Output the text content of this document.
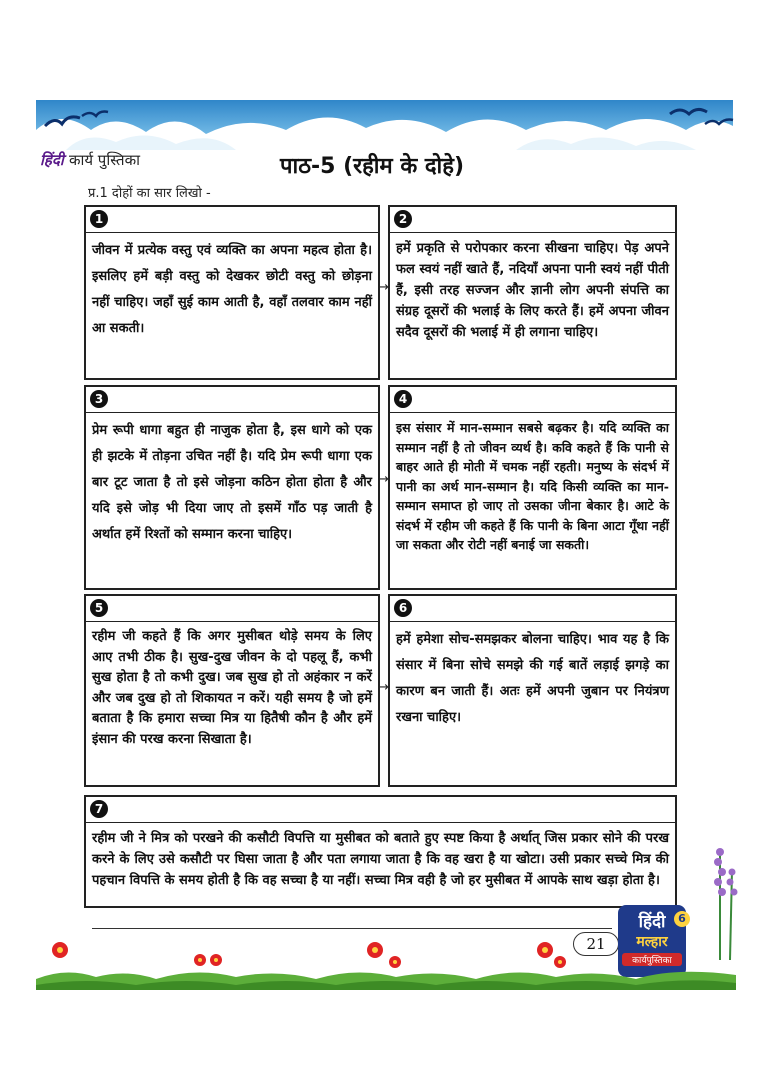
हिंदी कार्य पुस्तिका	पाठ-5 (रहीम के दोहे)
प्र.1 दोहों का सार लिखो -
1
जीवन में प्रत्येक वस्तु एवं व्यक्ति का अपना महत्व होता है। इसलिए हमें बड़ी वस्तु को देखकर छोटी वस्तु को छोड़ना नहीं चाहिए। जहाँ सुई काम आती है, वहाँ तलवार काम नहीं आ सकती।
2
हमें प्रकृति से परोपकार करना सीखना चाहिए। पेड़ अपने फल स्वयं नहीं खाते हैं, नदियाँ अपना पानी स्वयं नहीं पीती हैं, इसी तरह सज्जन और ज्ञानी लोग अपनी संपत्ति का संग्रह दूसरों की भलाई के लिए करते हैं। हमें अपना जीवन सदैव दूसरों की भलाई में ही लगाना चाहिए।
→
3
प्रेम रूपी धागा बहुत ही नाजुक होता है, इस धागे को एक ही झटके में तोड़ना उचित नहीं है। यदि प्रेम रूपी धागा एक बार टूट जाता है तो इसे जोड़ना कठिन होता होता है और यदि इसे जोड़ भी दिया जाए तो इसमें गाँठ पड़ जाती है अर्थात हमें रिश्तों को सम्मान करना चाहिए।
4
इस संसार में मान-सम्मान सबसे बढ़कर है। यदि व्यक्ति का सम्मान नहीं है तो जीवन व्यर्थ है। कवि कहते हैं कि पानी से बाहर आते ही मोती में चमक नहीं रहती। मनुष्य के संदर्भ में पानी का अर्थ मान-सम्मान है। यदि किसी व्यक्ति का मान-सम्मान समाप्त हो जाए तो उसका जीना बेकार है। आटे के संदर्भ में रहीम जी कहते हैं कि पानी के बिना आटा गूँथा नहीं जा सकता और रोटी नहीं बनाई जा सकती।
→
5
रहीम जी कहते हैं कि अगर मुसीबत थोड़े समय के लिए आए तभी ठीक है। सुख-दुख जीवन के दो पहलू हैं, कभी सुख होता है तो कभी दुख। जब सुख हो तो अहंकार न करें और जब दुख हो तो शिकायत न करें। यही समय है जो हमें बताता है कि हमारा सच्चा मित्र या हितैषी कौन है और हमें इंसान की परख करना सिखाता है।
6
हमें हमेशा सोच-समझकर बोलना चाहिए। भाव यह है कि संसार में बिना सोचे समझे की गई बातें लड़ाई झगड़े का कारण बन जाती हैं। अतः हमें अपनी जुबान पर नियंत्रण रखना चाहिए।
→
7
रहीम जी ने मित्र को परखने की कसौटी विपत्ति या मुसीबत को बताते हुए स्पष्ट किया है अर्थात् जिस प्रकार सोने की परख करने के लिए उसे कसौटी पर घिसा जाता है और पता लगाया जाता है कि वह खरा है या खोटा। उसी प्रकार सच्चे मित्र की पहचान विपत्ति के समय होती है कि वह सच्चा है या नहीं। सच्चा मित्र वही है जो हर मुसीबत में आपके साथ खड़ा होता है।
21
हिंदी	6
मल्हार
कार्यपुस्तिका
